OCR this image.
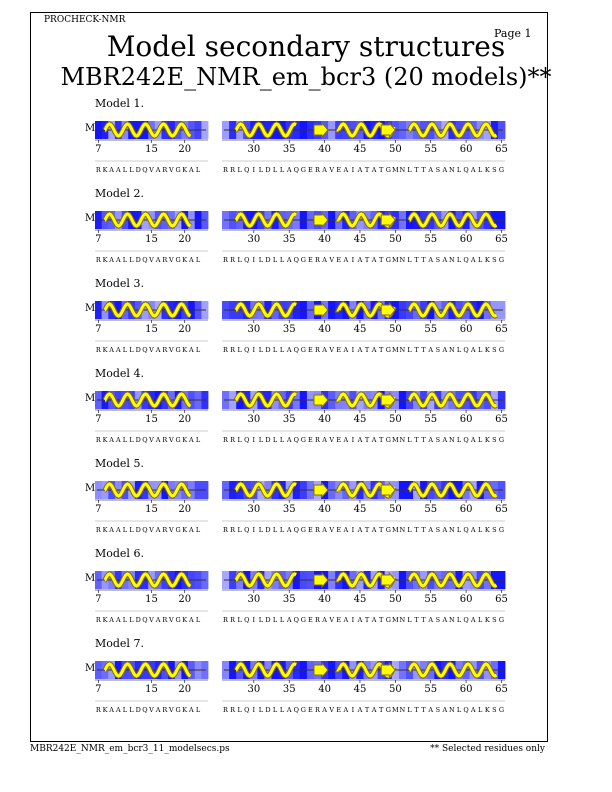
PROCHECK-NMR
Page 1
Model secondary structures
MBR242E_NMR_em_bcr3 (20 models)**
Model 1.
M
Model 2.
M
Model 3.
M
Model 4.
M
Model 5.
M
Model 6.
M
Model 7.
M
7	15 20
R K A A L L D Q V A R V G K A L
30 35 40 45 50 55 60 65
R R L Q I L D L L A Q G E R A V E A I A T A T G M N L T T A S A N L Q A L K S G
7	15 20
R K A A L L D Q V A R V G K A L
30 35 40 45 50 55 60 65
R R L Q I L D L L A Q G E R A V E A I A T A T G M N L T T A S A N L Q A L K S G
7	15 20
R K A A L L D Q V A R V G K A L
30 35 40 45 50 55 60 65
R R L Q I L D L L A Q G E R A V E A I A T A T G M N L T T A S A N L Q A L K S G
7	15 20
R K A A L L D Q V A R V G K A L
30 35 40 45 50 55 60 65
R R L Q I L D L L A Q G E R A V E A I A T A T G M N L T T A S A N L Q A L K S G
7	15 20
R K A A L L D Q V A R V G K A L
30 35 40 45 50 55 60 65
R R L Q I L D L L A Q G E R A V E A I A T A T G M N L T T A S A N L Q A L K S G
7	15 20
R K A A L L D Q V A R V G K A L
30 35 40 45 50 55 60 65
R R L Q I L D L L A Q G E R A V E A I A T A T G M N L T T A S A N L Q A L K S G
7	15 20
R K A A L L D Q V A R V G K A L
30 35 40 45 50 55 60 65
R R L Q I L D L L A Q G E R A V E A I A T A T G M N L T T A S A N L Q A L K S G
MBR242E_NMR_em_bcr3_11_modelsecs.ps	** Selected residues only
